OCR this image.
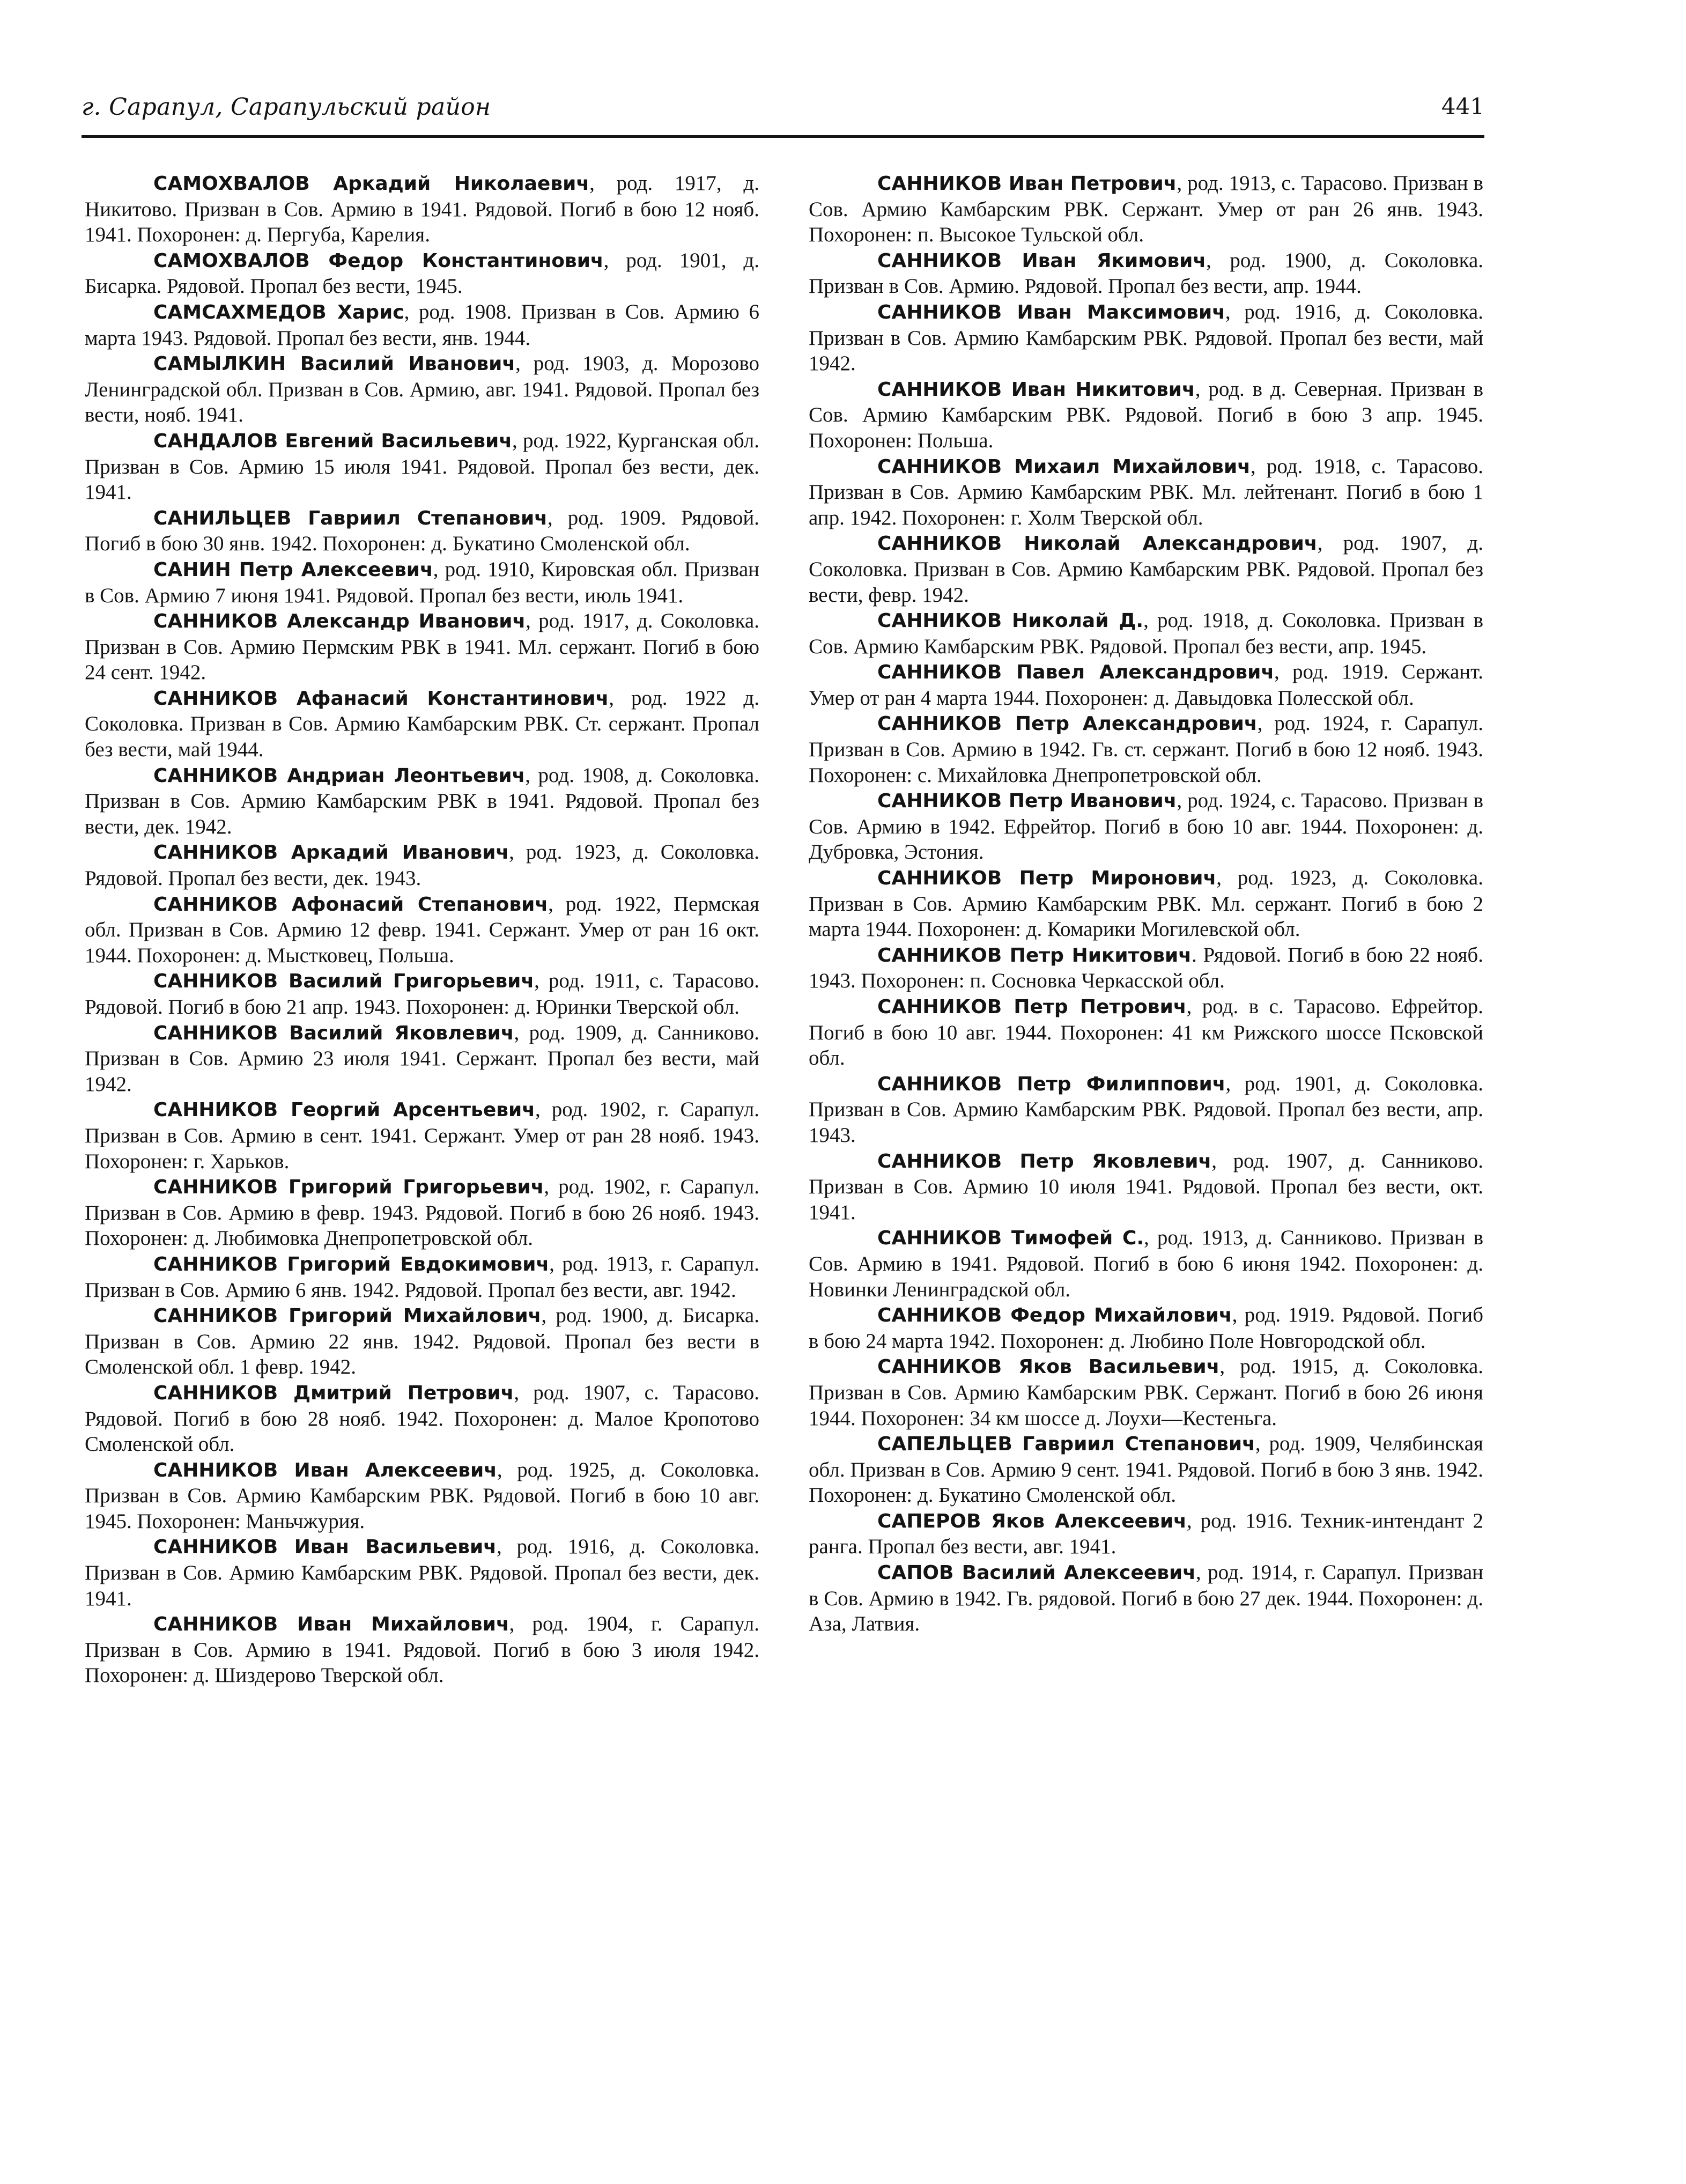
г. Сарапул, Сарапульский район	441

САМОХВАЛОВ Аркадий Николаевич, род. 1917, д. Никитово. Призван в Сов. Армию в 1941. Рядовой. Погиб в бою 12 нояб. 1941. Похоронен: д. Пергуба, Карелия.

САМОХВАЛОВ Федор Константинович, род. 1901, д. Бисарка. Рядовой. Пропал без вести, 1945.

САМСАХМЕДОВ Харис, род. 1908. Призван в Сов. Армию 6 марта 1943. Рядовой. Пропал без вести, янв. 1944.

САМЫЛКИН Василий Иванович, род. 1903, д. Морозово Ленинградской обл. Призван в Сов. Армию, авг. 1941. Рядовой. Пропал без вести, нояб. 1941.

САНДАЛОВ Евгений Васильевич, род. 1922, Курганская обл. Призван в Сов. Армию 15 июля 1941. Рядовой. Пропал без вести, дек. 1941.

САНИЛЬЦЕВ Гавриил Степанович, род. 1909. Рядовой. Погиб в бою 30 янв. 1942. Похоронен: д. Букатино Смоленской обл.

САНИН Петр Алексеевич, род. 1910, Кировская обл. Призван в Сов. Армию 7 июня 1941. Рядовой. Пропал без вести, июль 1941.

САННИКОВ Александр Иванович, род. 1917, д. Соколовка. Призван в Сов. Армию Пермским РВК в 1941. Мл. сержант. Погиб в бою 24 сент. 1942.

САННИКОВ Афанасий Константинович, род. 1922 д. Соколовка. Призван в Сов. Армию Камбарским РВК. Ст. сержант. Пропал без вести, май 1944.

САННИКОВ Андриан Леонтьевич, род. 1908, д. Соколовка. Призван в Сов. Армию Камбарским РВК в 1941. Рядовой. Пропал без вести, дек. 1942.

САННИКОВ Аркадий Иванович, род. 1923, д. Соколовка. Рядовой. Пропал без вести, дек. 1943.

САННИКОВ Афонасий Степанович, род. 1922, Пермская обл. Призван в Сов. Армию 12 февр. 1941. Сержант. Умер от ран 16 окт. 1944. Похоронен: д. Мыстковец, Польша.

САННИКОВ Василий Григорьевич, род. 1911, с. Тарасово. Рядовой. Погиб в бою 21 апр. 1943. Похоронен: д. Юринки Тверской обл.

САННИКОВ Василий Яковлевич, род. 1909, д. Санниково. Призван в Сов. Армию 23 июля 1941. Сержант. Пропал без вести, май 1942.

САННИКОВ Георгий Арсентьевич, род. 1902, г. Сарапул. Призван в Сов. Армию в сент. 1941. Сержант. Умер от ран 28 нояб. 1943. Похоронен: г. Харьков.

САННИКОВ Григорий Григорьевич, род. 1902, г. Сарапул. Призван в Сов. Армию в февр. 1943. Рядовой. Погиб в бою 26 нояб. 1943. Похоронен: д. Любимовка Днепропетровской обл.

САННИКОВ Григорий Евдокимович, род. 1913, г. Сарапул. Призван в Сов. Армию 6 янв. 1942. Рядовой. Пропал без вести, авг. 1942.

САННИКОВ Григорий Михайлович, род. 1900, д. Бисарка. Призван в Сов. Армию 22 янв. 1942. Рядовой. Пропал без вести в Смоленской обл. 1 февр. 1942.

САННИКОВ Дмитрий Петрович, род. 1907, с. Тарасово. Рядовой. Погиб в бою 28 нояб. 1942. Похоронен: д. Малое Кропотово Смоленской обл.

САННИКОВ Иван Алексеевич, род. 1925, д. Соколовка. Призван в Сов. Армию Камбарским РВК. Рядовой. Погиб в бою 10 авг. 1945. Похоронен: Маньчжурия.

САННИКОВ Иван Васильевич, род. 1916, д. Соколовка. Призван в Сов. Армию Камбарским РВК. Рядовой. Пропал без вести, дек. 1941.

САННИКОВ Иван Михайлович, род. 1904, г. Сарапул. Призван в Сов. Армию в 1941. Рядовой. Погиб в бою 3 июля 1942. Похоронен: д. Шиздерово Тверской обл.

САННИКОВ Иван Петрович, род. 1913, с. Тарасово. Призван в Сов. Армию Камбарским РВК. Сержант. Умер от ран 26 янв. 1943. Похоронен: п. Высокое Тульской обл.

САННИКОВ Иван Якимович, род. 1900, д. Соколовка. Призван в Сов. Армию. Рядовой. Пропал без вести, апр. 1944.

САННИКОВ Иван Максимович, род. 1916, д. Соколовка. Призван в Сов. Армию Камбарским РВК. Рядовой. Пропал без вести, май 1942.

САННИКОВ Иван Никитович, род. в д. Северная. Призван в Сов. Армию Камбарским РВК. Рядовой. Погиб в бою 3 апр. 1945. Похоронен: Польша.

САННИКОВ Михаил Михайлович, род. 1918, с. Тарасово. Призван в Сов. Армию Камбарским РВК. Мл. лейтенант. Погиб в бою 1 апр. 1942. Похоронен: г. Холм Тверской обл.

САННИКОВ Николай Александрович, род. 1907, д. Соколовка. Призван в Сов. Армию Камбарским РВК. Рядовой. Пропал без вести, февр. 1942.

САННИКОВ Николай Д., род. 1918, д. Соколовка. Призван в Сов. Армию Камбарским РВК. Рядовой. Пропал без вести, апр. 1945.

САННИКОВ Павел Александрович, род. 1919. Сержант. Умер от ран 4 марта 1944. Похоронен: д. Давыдовка Полесской обл.

САННИКОВ Петр Александрович, род. 1924, г. Сарапул. Призван в Сов. Армию в 1942. Гв. ст. сержант. Погиб в бою 12 нояб. 1943. Похоронен: с. Михайловка Днепропетровской обл.

САННИКОВ Петр Иванович, род. 1924, с. Тарасово. Призван в Сов. Армию в 1942. Ефрейтор. Погиб в бою 10 авг. 1944. Похоронен: д. Дубровка, Эстония.

САННИКОВ Петр Миронович, род. 1923, д. Соколовка. Призван в Сов. Армию Камбарским РВК. Мл. сержант. Погиб в бою 2 марта 1944. Похоронен: д. Комарики Могилевской обл.

САННИКОВ Петр Никитович. Рядовой. Погиб в бою 22 нояб. 1943. Похоронен: п. Сосновка Черкасской обл.

САННИКОВ Петр Петрович, род. в с. Тарасово. Ефрейтор. Погиб в бою 10 авг. 1944. Похоронен: 41 км Рижского шоссе Псковской обл.

САННИКОВ Петр Филиппович, род. 1901, д. Соколовка. Призван в Сов. Армию Камбарским РВК. Рядовой. Пропал без вести, апр. 1943.

САННИКОВ Петр Яковлевич, род. 1907, д. Санниково. Призван в Сов. Армию 10 июля 1941. Рядовой. Пропал без вести, окт. 1941.

САННИКОВ Тимофей С., род. 1913, д. Санниково. Призван в Сов. Армию в 1941. Рядовой. Погиб в бою 6 июня 1942. Похоронен: д. Новинки Ленинградской обл.

САННИКОВ Федор Михайлович, род. 1919. Рядовой. Погиб в бою 24 марта 1942. Похоронен: д. Любино Поле Новгородской обл.

САННИКОВ Яков Васильевич, род. 1915, д. Соколовка. Призван в Сов. Армию Камбарским РВК. Сержант. Погиб в бою 26 июня 1944. Похоронен: 34 км шоссе д. Лоухи—Кестеньга.

САПЕЛЬЦЕВ Гавриил Степанович, род. 1909, Челябинская обл. Призван в Сов. Армию 9 сент. 1941. Рядовой. Погиб в бою 3 янв. 1942. Похоронен: д. Букатино Смоленской обл.

САПЕРОВ Яков Алексеевич, род. 1916. Техник-интендант 2 ранга. Пропал без вести, авг. 1941.

САПОВ Василий Алексеевич, род. 1914, г. Сарапул. Призван в Сов. Армию в 1942. Гв. рядовой. Погиб в бою 27 дек. 1944. Похоронен: д. Аза, Латвия.
